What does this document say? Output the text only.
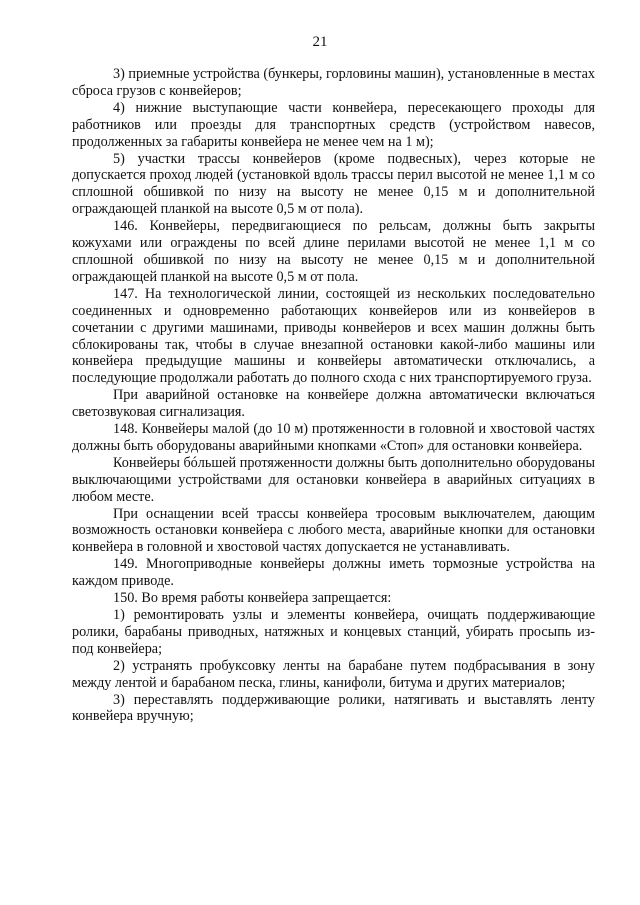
21

3) приемные устройства (бункеры, горловины машин), установленные в местах сброса грузов с конвейеров;

4) нижние выступающие части конвейера, пересекающего проходы для работников или проезды для транспортных средств (устройством навесов, продолженных за габариты конвейера не менее чем на 1 м);

5) участки трассы конвейеров (кроме подвесных), через которые не допускается проход людей (установкой вдоль трассы перил высотой не менее 1,1 м со сплошной обшивкой по низу на высоту не менее 0,15 м и дополнительной ограждающей планкой на высоте 0,5 м от пола).

146. Конвейеры, передвигающиеся по рельсам, должны быть закрыты кожухами или ограждены по всей длине перилами высотой не менее 1,1 м со сплошной обшивкой по низу на высоту не менее 0,15 м и дополнительной ограждающей планкой на высоте 0,5 м от пола.

147. На технологической линии, состоящей из нескольких последовательно соединенных и одновременно работающих конвейеров или из конвейеров в сочетании с другими машинами, приводы конвейеров и всех машин должны быть сблокированы так, чтобы в случае внезапной остановки какой-либо машины или конвейера предыдущие машины и конвейеры автоматически отключались, а последующие продолжали работать до полного схода с них транспортируемого груза.

При аварийной остановке на конвейере должна автоматически включаться светозвуковая сигнализация.

148. Конвейеры малой (до 10 м) протяженности в головной и хвостовой частях должны быть оборудованы аварийными кнопками «Стоп» для остановки конвейера.

Конвейеры бóльшей протяженности должны быть дополнительно оборудованы выключающими устройствами для остановки конвейера в аварийных ситуациях в любом месте.

При оснащении всей трассы конвейера тросовым выключателем, дающим возможность остановки конвейера с любого места, аварийные кнопки для остановки конвейера в головной и хвостовой частях допускается не устанавливать.

149. Многоприводные конвейеры должны иметь тормозные устройства на каждом приводе.

150. Во время работы конвейера запрещается:

1) ремонтировать узлы и элементы конвейера, очищать поддерживающие ролики, барабаны приводных, натяжных и концевых станций, убирать просыпь из-под конвейера;

2) устранять пробуксовку ленты на барабане путем подбрасывания в зону между лентой и барабаном песка, глины, канифоли, битума и других материалов;

3) переставлять поддерживающие ролики, натягивать и выставлять ленту конвейера вручную;
